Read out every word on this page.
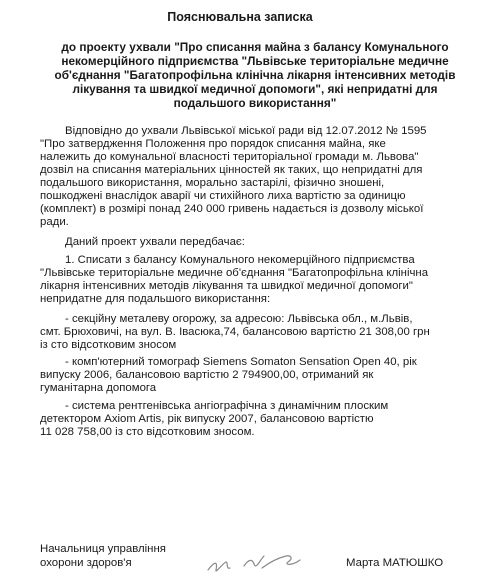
Пояснювальна записка
до проекту ухвали "Про списання майна з балансу Комунального
некомерційного підприємства "Львівське територіальне медичне
об'єднання "Багатопрофільна клінічна лікарня інтенсивних методів
лікування та швидкої медичної допомоги", які непридатні для
подальшого використання"
Відповідно до ухвали Львівської міської ради від 12.07.2012 № 1595
"Про затвердження Положення про порядок списання майна, яке
належить до комунальної власності територіальної громади м. Львова"
дозвіл на списання матеріальних цінностей як таких, що непридатні для
подальшого використання, морально застарілі, фізично зношені,
пошкоджені внаслідок аварії чи стихійного лиха вартістю за одиницю
(комплект) в розмірі понад 240 000 гривень надається із дозволу міської
ради.
Даний проект ухвали передбачає:
1. Списати з балансу Комунального некомерційного підприємства
"Львівське територіальне медичне об'єднання "Багатопрофільна клінічна
лікарня інтенсивних методів лікування та швидкої медичної допомоги"
непридатне для подальшого використання:
- секційну металеву огорожу, за адресою: Львівська обл., м.Львів,
смт. Брюховичі, на вул. В. Івасюка,74, балансовою вартістю 21 308,00 грн
із сто відсотковим зносом
- комп'ютерний томограф Siemens Somaton Sensation Open 40, рік
випуску 2006, балансовою вартістю 2 794900,00, отриманий як
гуманітарна допомога
- система рентгенівська ангіографічна з динамічним плоским
детектором Axiom Artis, рік випуску 2007, балансовою вартістю
11 028 758,00 із сто відсотковим зносом.
Начальниця управління
охорони здоров'я	Марта МАТЮШКО
